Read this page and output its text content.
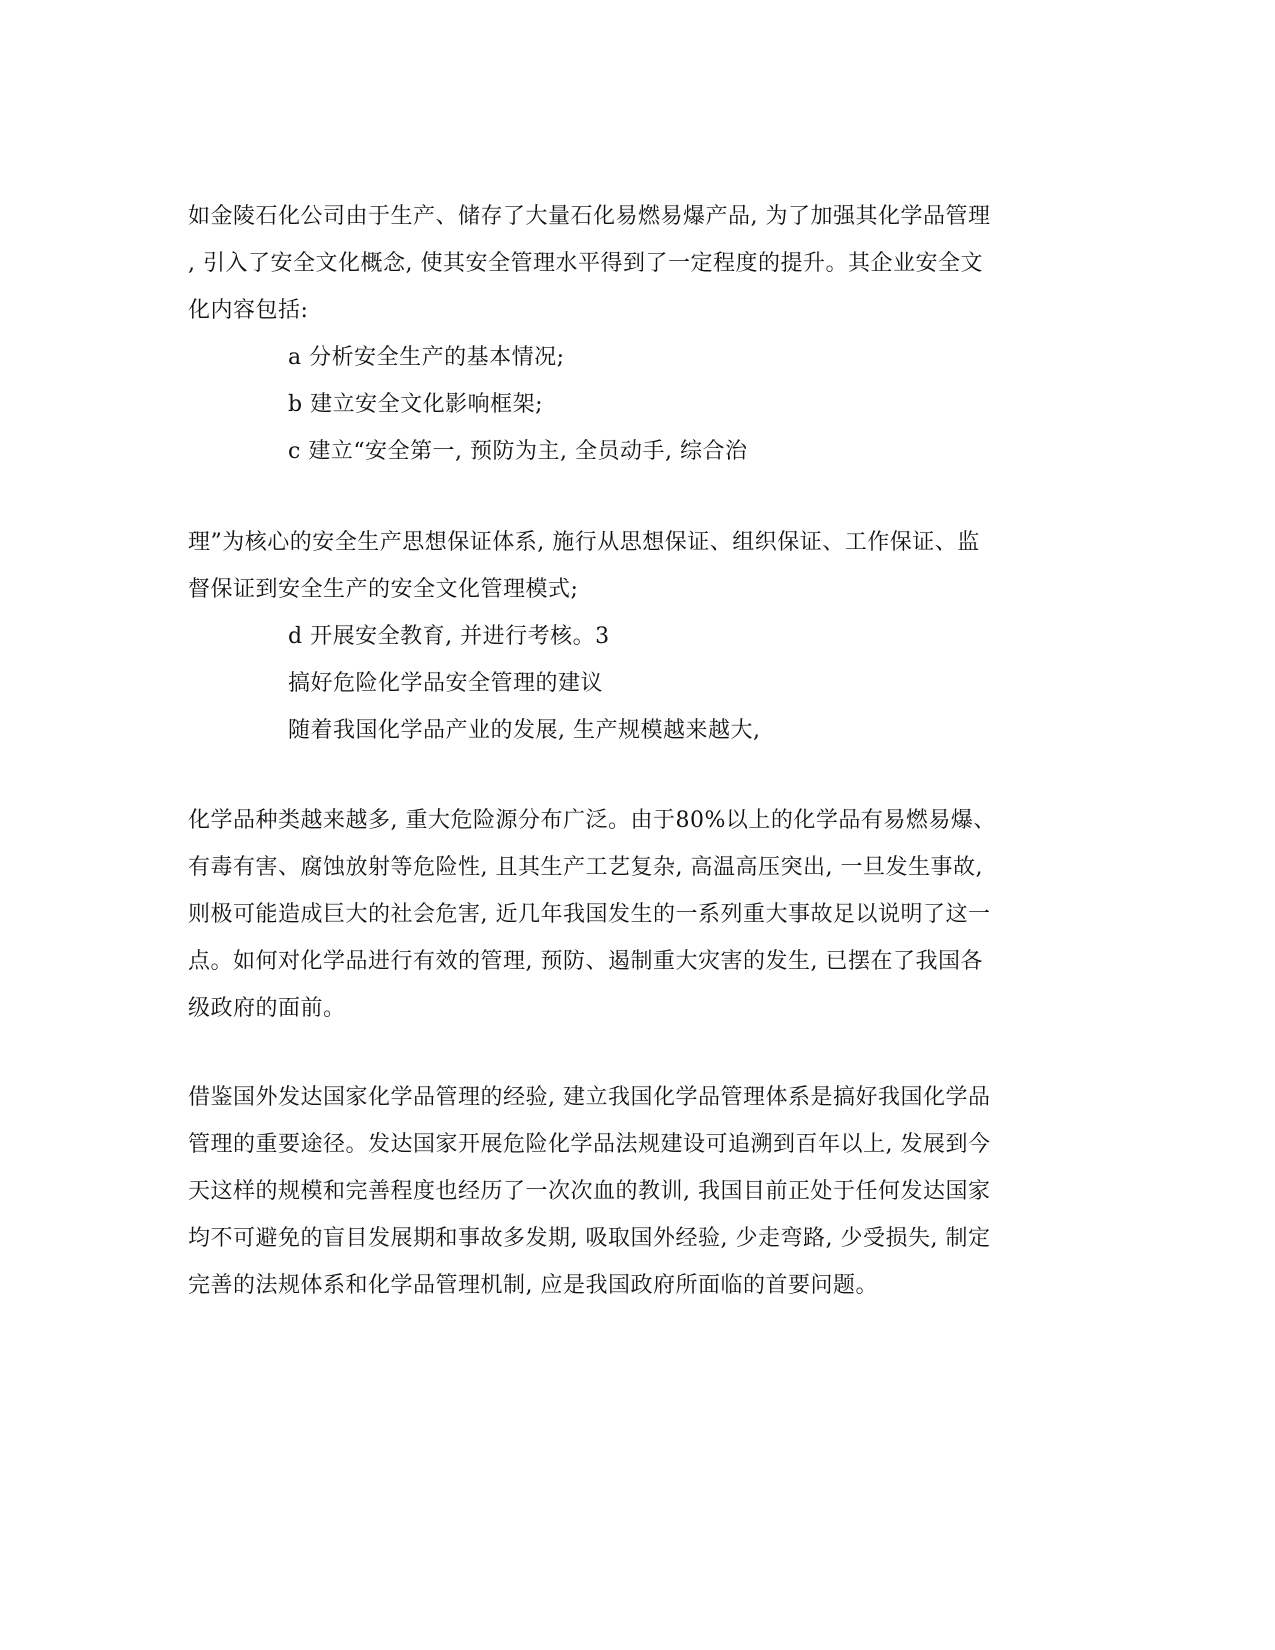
如金陵石化公司由于生产、储存了大量石化易燃易爆产品, 为了加强其化学品管理
, 引入了安全文化概念, 使其安全管理水平得到了一定程度的提升。其企业安全文
化内容包括:
a 分析安全生产的基本情况;
b 建立安全文化影响框架;
c 建立“安全第一, 预防为主, 全员动手, 综合治
理”为核心的安全生产思想保证体系, 施行从思想保证、组织保证、工作保证、监
督保证到安全生产的安全文化管理模式;
d 开展安全教育, 并进行考核。3
搞好危险化学品安全管理的建议
随着我国化学品产业的发展, 生产规模越来越大,
化学品种类越来越多, 重大危险源分布广泛。由于80%以上的化学品有易燃易爆、
有毒有害、腐蚀放射等危险性, 且其生产工艺复杂, 高温高压突出, 一旦发生事故,
则极可能造成巨大的社会危害, 近几年我国发生的一系列重大事故足以说明了这一
点。如何对化学品进行有效的管理, 预防、遏制重大灾害的发生, 已摆在了我国各
级政府的面前。
借鉴国外发达国家化学品管理的经验, 建立我国化学品管理体系是搞好我国化学品
管理的重要途径。发达国家开展危险化学品法规建设可追溯到百年以上, 发展到今
天这样的规模和完善程度也经历了一次次血的教训, 我国目前正处于任何发达国家
均不可避免的盲目发展期和事故多发期, 吸取国外经验, 少走弯路, 少受损失, 制定
完善的法规体系和化学品管理机制, 应是我国政府所面临的首要问题。
